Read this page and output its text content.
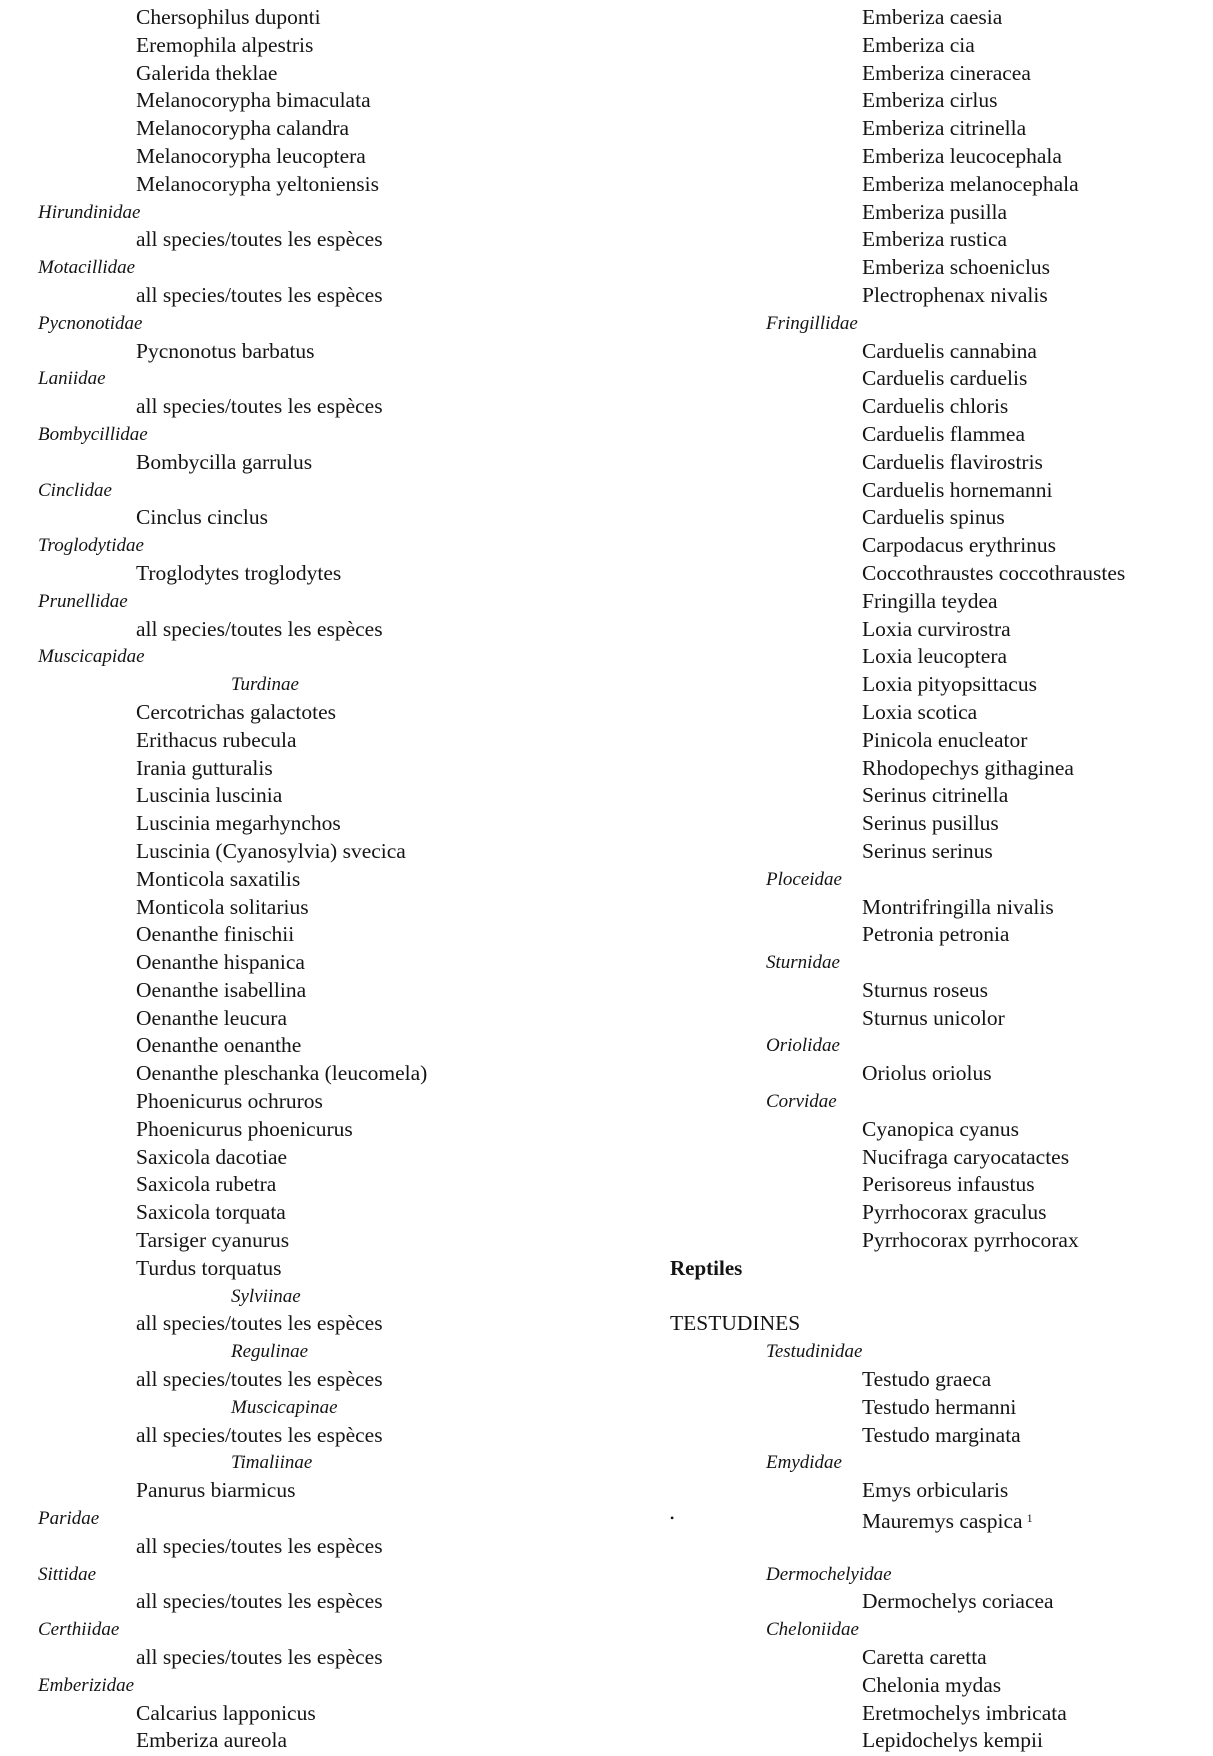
Chersophilus duponti
Eremophila alpestris
Galerida theklae
Melanocorypha bimaculata
Melanocorypha calandra
Melanocorypha leucoptera
Melanocorypha yeltoniensis
Hirundinidae
all species/toutes les espèces
Motacillidae
all species/toutes les espèces
Pycnonotidae
Pycnonotus barbatus
Laniidae
all species/toutes les espèces
Bombycillidae
Bombycilla garrulus
Cinclidae
Cinclus cinclus
Troglodytidae
Troglodytes troglodytes
Prunellidae
all species/toutes les espèces
Muscicapidae
Turdinae
Cercotrichas galactotes
Erithacus rubecula
Irania gutturalis
Luscinia luscinia
Luscinia megarhynchos
Luscinia (Cyanosylvia) svecica
Monticola saxatilis
Monticola solitarius
Oenanthe finischii
Oenanthe hispanica
Oenanthe isabellina
Oenanthe leucura
Oenanthe oenanthe
Oenanthe pleschanka (leucomela)
Phoenicurus ochruros
Phoenicurus phoenicurus
Saxicola dacotiae
Saxicola rubetra
Saxicola torquata
Tarsiger cyanurus
Turdus torquatus
Sylviinae
all species/toutes les espèces
Regulinae
all species/toutes les espèces
Muscicapinae
all species/toutes les espèces
Timaliinae
Panurus biarmicus
Paridae
all species/toutes les espèces
Sittidae
all species/toutes les espèces
Certhiidae
all species/toutes les espèces
Emberizidae
Calcarius lapponicus
Emberiza aureola
Emberiza caesia
Emberiza cia
Emberiza cineracea
Emberiza cirlus
Emberiza citrinella
Emberiza leucocephala
Emberiza melanocephala
Emberiza pusilla
Emberiza rustica
Emberiza schoeniclus
Plectrophenax nivalis
Fringillidae
Carduelis cannabina
Carduelis carduelis
Carduelis chloris
Carduelis flammea
Carduelis flavirostris
Carduelis hornemanni
Carduelis spinus
Carpodacus erythrinus
Coccothraustes coccothraustes
Fringilla teydea
Loxia curvirostra
Loxia leucoptera
Loxia pityopsittacus
Loxia scotica
Pinicola enucleator
Rhodopechys githaginea
Serinus citrinella
Serinus pusillus
Serinus serinus
Ploceidae
Montrifringilla nivalis
Petronia petronia
Sturnidae
Sturnus roseus
Sturnus unicolor
Oriolidae
Oriolus oriolus
Corvidae
Cyanopica cyanus
Nucifraga caryocatactes
Perisoreus infaustus
Pyrrhocorax graculus
Pyrrhocorax pyrrhocorax
Reptiles
TESTUDINES
Testudinidae
Testudo graeca
Testudo hermanni
Testudo marginata
Emydidae
Emys orbicularis
•	Mauremys caspica $^1$
Dermochelyidae
Dermochelys coriacea
Cheloniidae
Caretta caretta
Chelonia mydas
Eretmochelys imbricata
Lepidochelys kempii
